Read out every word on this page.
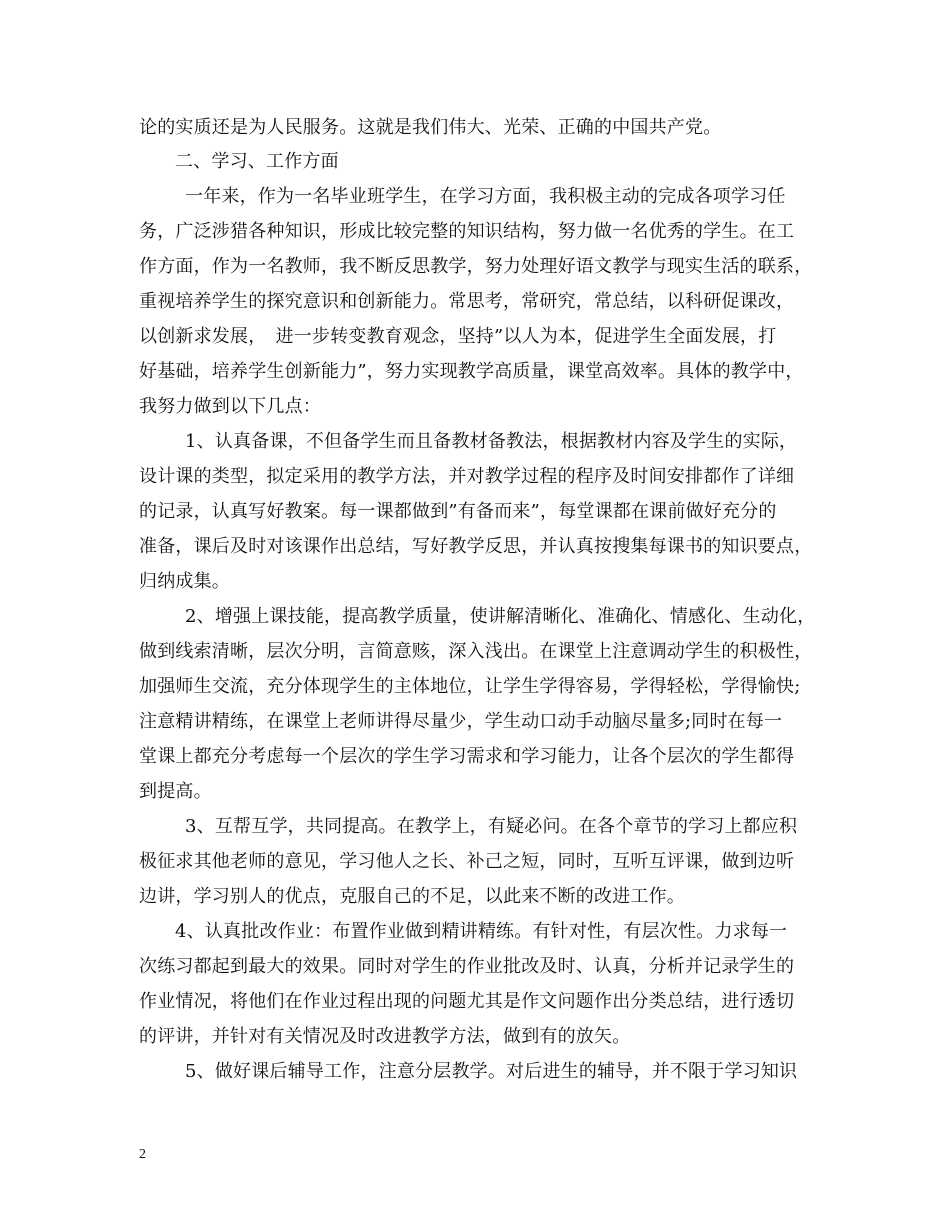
论的实质还是为人民服务。这就是我们伟大、光荣、正确的中国共产党。
二、学习、工作方面
一年来，作为一名毕业班学生，在学习方面，我积极主动的完成各项学习任
务，广泛涉猎各种知识，形成比较完整的知识结构，努力做一名优秀的学生。在工
作方面，作为一名教师，我不断反思教学，努力处理好语文教学与现实生活的联系，
重视培养学生的探究意识和创新能力。常思考，常研究，常总结，以科研促课改，
以创新求发展，　进一步转变教育观念，坚持”以人为本，促进学生全面发展，打
好基础，培养学生创新能力”，努力实现教学高质量，课堂高效率。具体的教学中，
我努力做到以下几点：
1、认真备课，不但备学生而且备教材备教法，根据教材内容及学生的实际，
设计课的类型，拟定采用的教学方法，并对教学过程的程序及时间安排都作了详细
的记录，认真写好教案。每一课都做到”有备而来”，每堂课都在课前做好充分的
准备，课后及时对该课作出总结，写好教学反思，并认真按搜集每课书的知识要点，
归纳成集。
2、增强上课技能，提高教学质量，使讲解清晰化、准确化、情感化、生动化，
做到线索清晰，层次分明，言简意赅，深入浅出。在课堂上注意调动学生的积极性，
加强师生交流，充分体现学生的主体地位，让学生学得容易，学得轻松，学得愉快;
注意精讲精练，在课堂上老师讲得尽量少，学生动口动手动脑尽量多;同时在每一
堂课上都充分考虑每一个层次的学生学习需求和学习能力，让各个层次的学生都得
到提高。
3、互帮互学，共同提高。在教学上，有疑必问。在各个章节的学习上都应积
极征求其他老师的意见，学习他人之长、补己之短，同时，互听互评课，做到边听
边讲，学习别人的优点，克服自己的不足，以此来不断的改进工作。
4、认真批改作业：布置作业做到精讲精练。有针对性，有层次性。力求每一
次练习都起到最大的效果。同时对学生的作业批改及时、认真，分析并记录学生的
作业情况，将他们在作业过程出现的问题尤其是作文问题作出分类总结，进行透切
的评讲，并针对有关情况及时改进教学方法，做到有的放矢。
5、做好课后辅导工作，注意分层教学。对后进生的辅导，并不限于学习知识
2
